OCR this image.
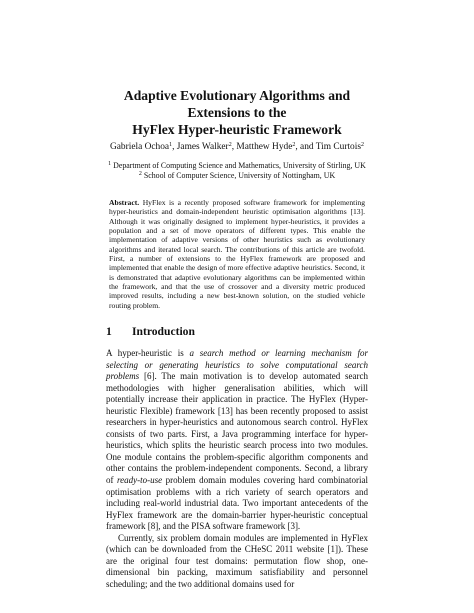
Adaptive Evolutionary Algorithms and
Extensions to the
HyFlex Hyper-heuristic Framework
Gabriela Ochoa$^1$, James Walker$^2$, Matthew Hyde$^2$, and Tim Curtois$^2$
$^1$ Department of Computing Science and Mathematics, University of Stirling, UK
$^2$ School of Computer Science, University of Nottingham, UK
Abstract. HyFlex is a recently proposed software framework for implementing hyper-heuristics and domain-independent heuristic optimisation algorithms [13]. Although it was originally designed to implement hyper-heuristics, it provides a population and a set of move operators of different types. This enable the implementation of adaptive versions of other heuristics such as evolutionary algorithms and iterated local search. The contributions of this article are twofold. First, a number of extensions to the HyFlex framework are proposed and implemented that enable the design of more effective adaptive heuristics. Second, it is demonstrated that adaptive evolutionary algorithms can be implemented within the framework, and that the use of crossover and a diversity metric produced improved results, including a new best-known solution, on the studied vehicle routing problem.
1 Introduction

A hyper-heuristic is a search method or learning mechanism for selecting or generating heuristics to solve computational search problems [6]. The main motivation is to develop automated search methodologies with higher generalisation abilities, which will potentially increase their application in practice. The HyFlex (Hyper-heuristic Flexible) framework [13] has been recently proposed to assist researchers in hyper-heuristics and autonomous search control. HyFlex consists of two parts. First, a Java programming interface for hyper-heuristics, which splits the heuristic search process into two modules. One module contains the problem-specific algorithm components and other contains the problem-independent components. Second, a library of ready-to-use problem domain modules covering hard combinatorial optimisation problems with a rich variety of search operators and including real-world industrial data. Two important antecedents of the HyFlex framework are the domain-barrier hyper-heuristic conceptual framework [8], and the PISA software framework [3].

Currently, six problem domain modules are implemented in HyFlex (which can be downloaded from the CHeSC 2011 website [1]). These are the original four test domains: permutation flow shop, one-dimensional bin packing, maximum satisfiability and personnel scheduling; and the two additional domains used for
